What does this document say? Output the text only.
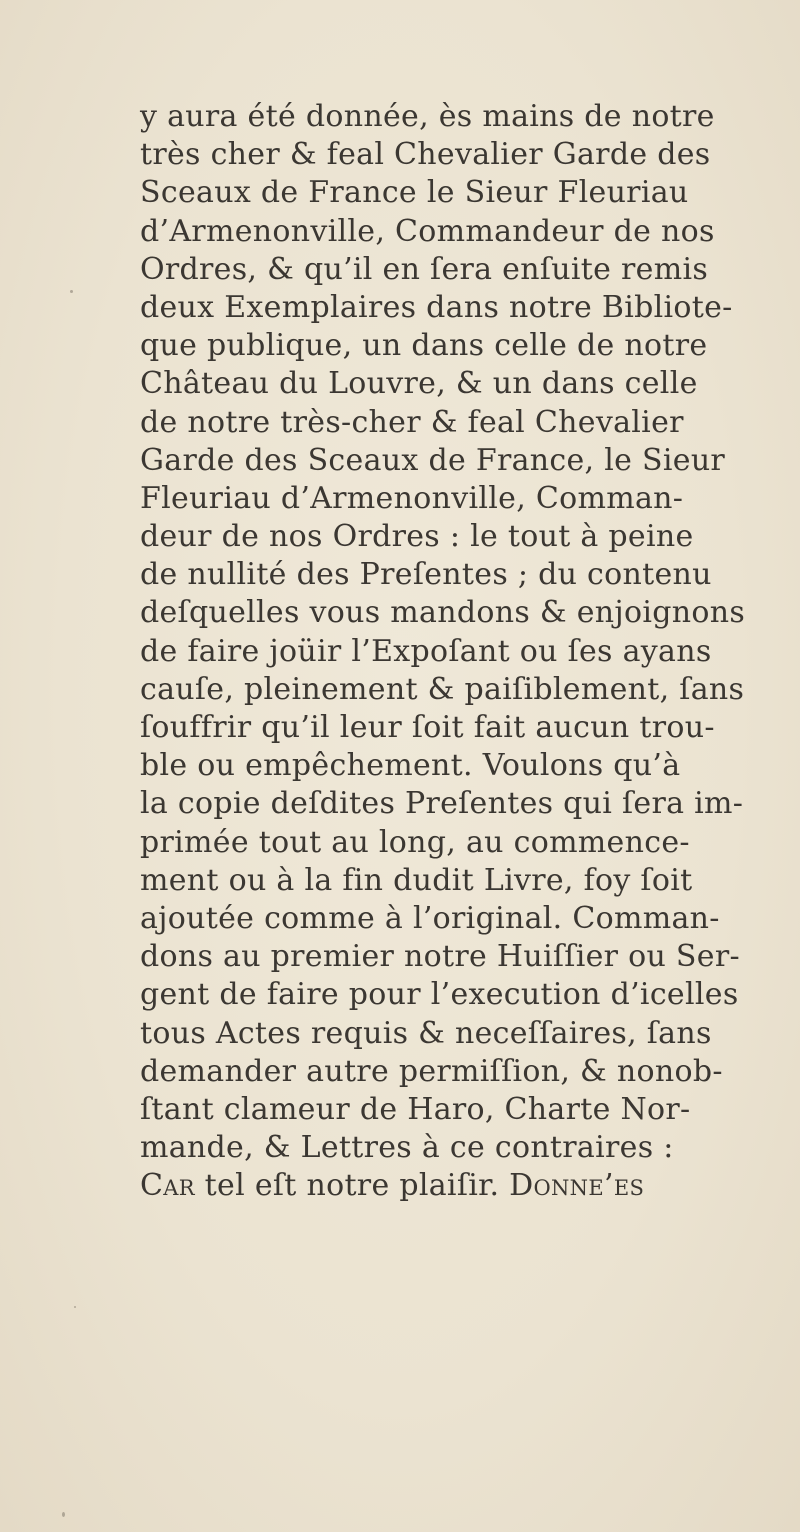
y aura été donnée, ès mains de notre
très cher & feal Chevalier Garde des
Sceaux de France le Sieur Fleuriau
d’Armenonville, Commandeur de nos
Ordres, & qu’il en ſera enſuite remis
deux Exemplaires dans notre Bibliote-
que publique, un dans celle de notre
Château du Louvre, & un dans celle
de notre très-cher & feal Chevalier
Garde des Sceaux de France, le Sieur
Fleuriau d’Armenonville, Comman-
deur de nos Ordres : le tout à peine
de nullité des Preſentes ; du contenu
deſquelles vous mandons & enjoignons
de faire joüir l’Expoſant ou ſes ayans
cauſe, pleinement & paiſiblement, ſans
ſouffrir qu’il leur ſoit fait aucun trou-
ble ou empêchement. Voulons qu’à
la copie deſdites Preſentes qui ſera im-
primée tout au long, au commence-
ment ou à la fin dudit Livre, foy ſoit
ajoutée comme à l’original. Comman-
dons au premier notre Huiſſier ou Ser-
gent de faire pour l’execution d’icelles
tous Actes requis & neceſſaires, ſans
demander autre permiſſion, & nonob-
ſtant clameur de Haro, Charte Nor-
mande, & Lettres à ce contraires :
Car tel eſt notre plaiſir. Donne’es
